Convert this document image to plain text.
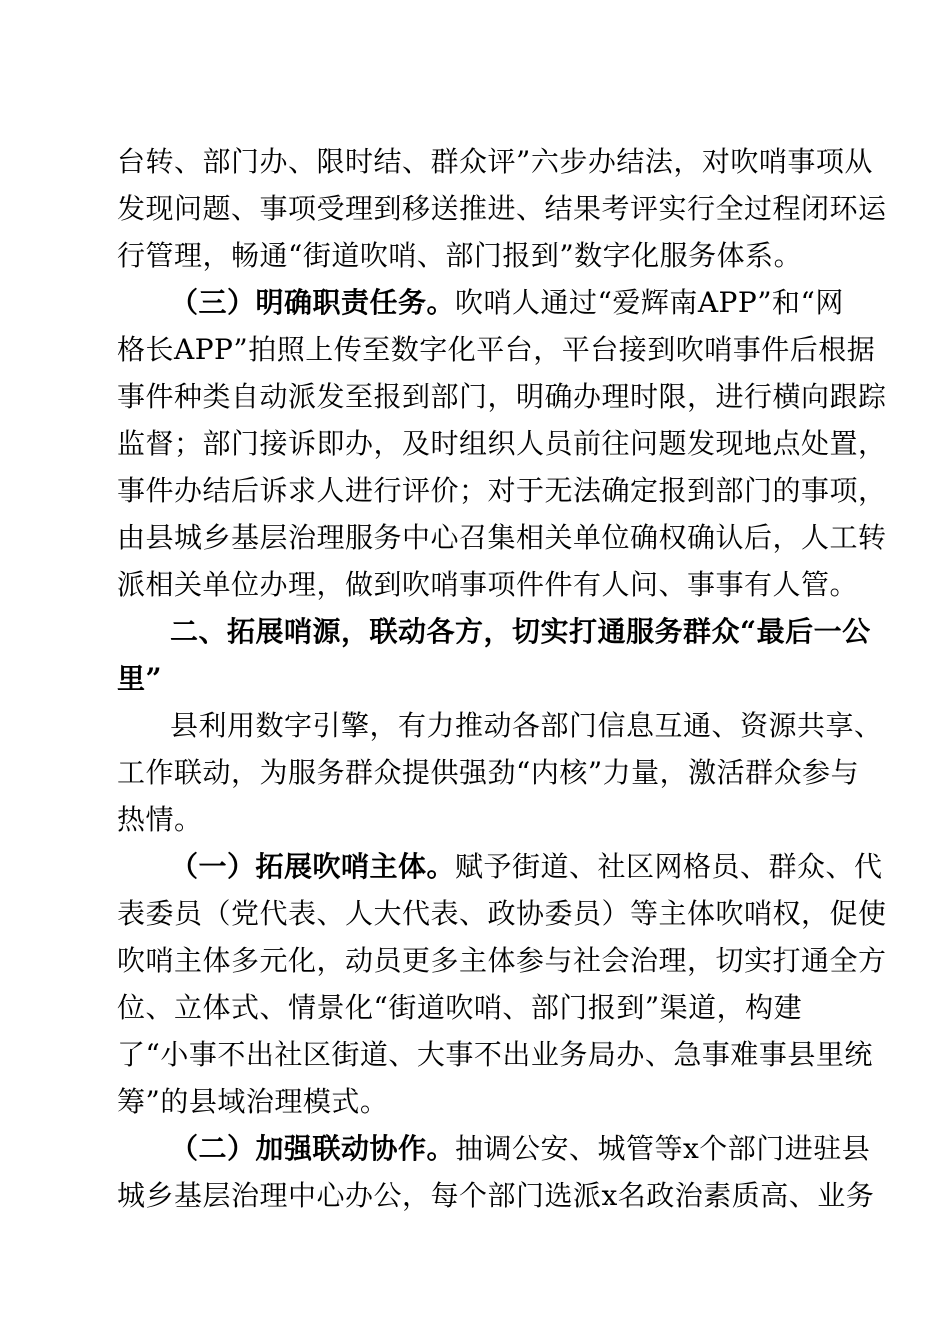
台转、部门办、限时结、群众评”六步办结法，对吹哨事项从
发现问题、事项受理到移送推进、结果考评实行全过程闭环运
行管理，畅通“街道吹哨、部门报到”数字化服务体系。
（三）明确职责任务。吹哨人通过“爱辉南APP”和“网
格长APP”拍照上传至数字化平台，平台接到吹哨事件后根据
事件种类自动派发至报到部门，明确办理时限，进行横向跟踪
监督；部门接诉即办，及时组织人员前往问题发现地点处置，
事件办结后诉求人进行评价；对于无法确定报到部门的事项，
由县城乡基层治理服务中心召集相关单位确权确认后，人工转
派相关单位办理，做到吹哨事项件件有人问、事事有人管。
二、拓展哨源，联动各方，切实打通服务群众“最后一公
里”
县利用数字引擎，有力推动各部门信息互通、资源共享、
工作联动，为服务群众提供强劲“内核”力量，激活群众参与
热情。
（一）拓展吹哨主体。赋予街道、社区网格员、群众、代
表委员（党代表、人大代表、政协委员）等主体吹哨权，促使
吹哨主体多元化，动员更多主体参与社会治理，切实打通全方
位、立体式、情景化“街道吹哨、部门报到”渠道，构建
了“小事不出社区街道、大事不出业务局办、急事难事县里统
筹”的县域治理模式。
（二）加强联动协作。抽调公安、城管等x个部门进驻县
城乡基层治理中心办公，每个部门选派x名政治素质高、业务
